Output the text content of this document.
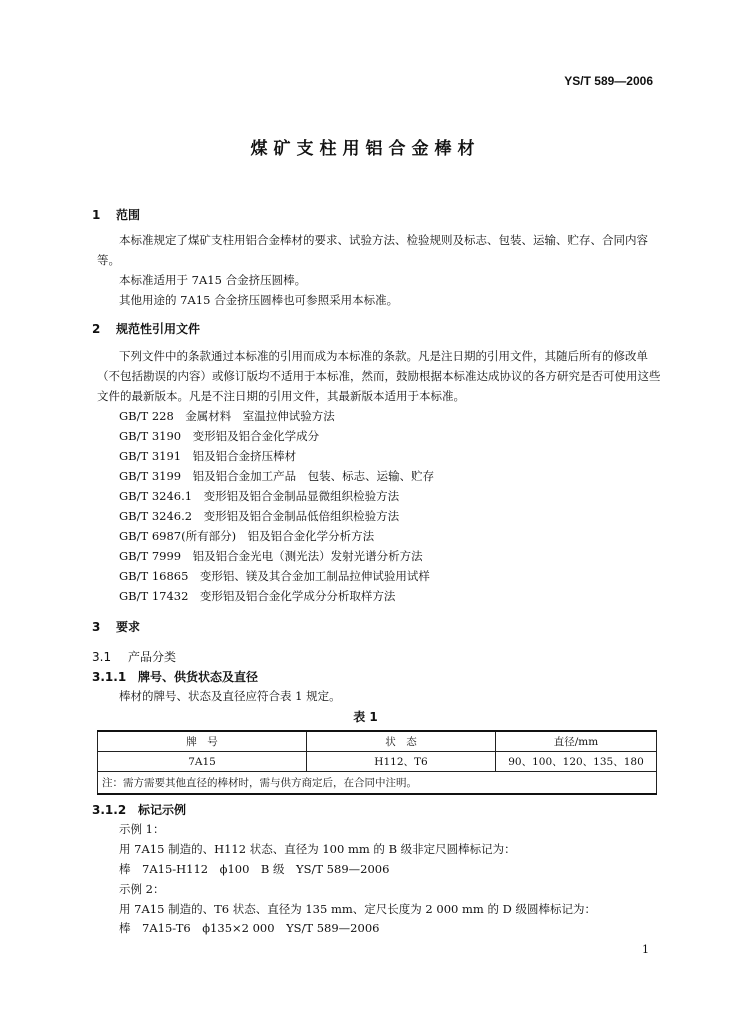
YS/T 589—2006
煤矿支柱用铝合金棒材
1 范围
本标准规定了煤矿支柱用铝合金棒材的要求、试验方法、检验规则及标志、包装、运输、贮存、合同内容等。
本标准适用于 7A15 合金挤压圆棒。
其他用途的 7A15 合金挤压圆棒也可参照采用本标准。
2 规范性引用文件
下列文件中的条款通过本标准的引用而成为本标准的条款。凡是注日期的引用文件，其随后所有的修改单（不包括勘误的内容）或修订版均不适用于本标准，然而，鼓励根据本标准达成协议的各方研究是否可使用这些文件的最新版本。凡是不注日期的引用文件，其最新版本适用于本标准。
GB/T 228　 金属材料　室温拉伸试验方法
GB/T 3190　 变形铝及铝合金化学成分
GB/T 3191　 铝及铝合金挤压棒材
GB/T 3199　 铝及铝合金加工产品　包装、标志、运输、贮存
GB/T 3246.1　 变形铝及铝合金制品显微组织检验方法
GB/T 3246.2　 变形铝及铝合金制品低倍组织检验方法
GB/T 6987(所有部分)　 铝及铝合金化学分析方法
GB/T 7999　 铝及铝合金光电（测光法）发射光谱分析方法
GB/T 16865　 变形铝、镁及其合金加工制品拉伸试验用试样
GB/T 17432　 变形铝及铝合金化学成分分析取样方法
3 要求
3.1 产品分类
3.1.1 牌号、供货状态及直径
棒材的牌号、状态及直径应符合表 1 规定。
表 1
牌　号	状　态	直径/mm
7A15	H112、T6	90、100、120、135、180
注：需方需要其他直径的棒材时，需与供方商定后，在合同中注明。		
3.1.2 标记示例
示例 1：
用 7A15 制造的、H112 状态、直径为 100 mm 的 B 级非定尺圆棒标记为：
棒　7A15-H112　ϕ100　B 级　YS/T 589—2006
示例 2：
用 7A15 制造的、T6 状态、直径为 135 mm、定尺长度为 2 000 mm 的 D 级圆棒标记为：
棒　7A15-T6　ϕ135×2 000　YS/T 589—2006
1
